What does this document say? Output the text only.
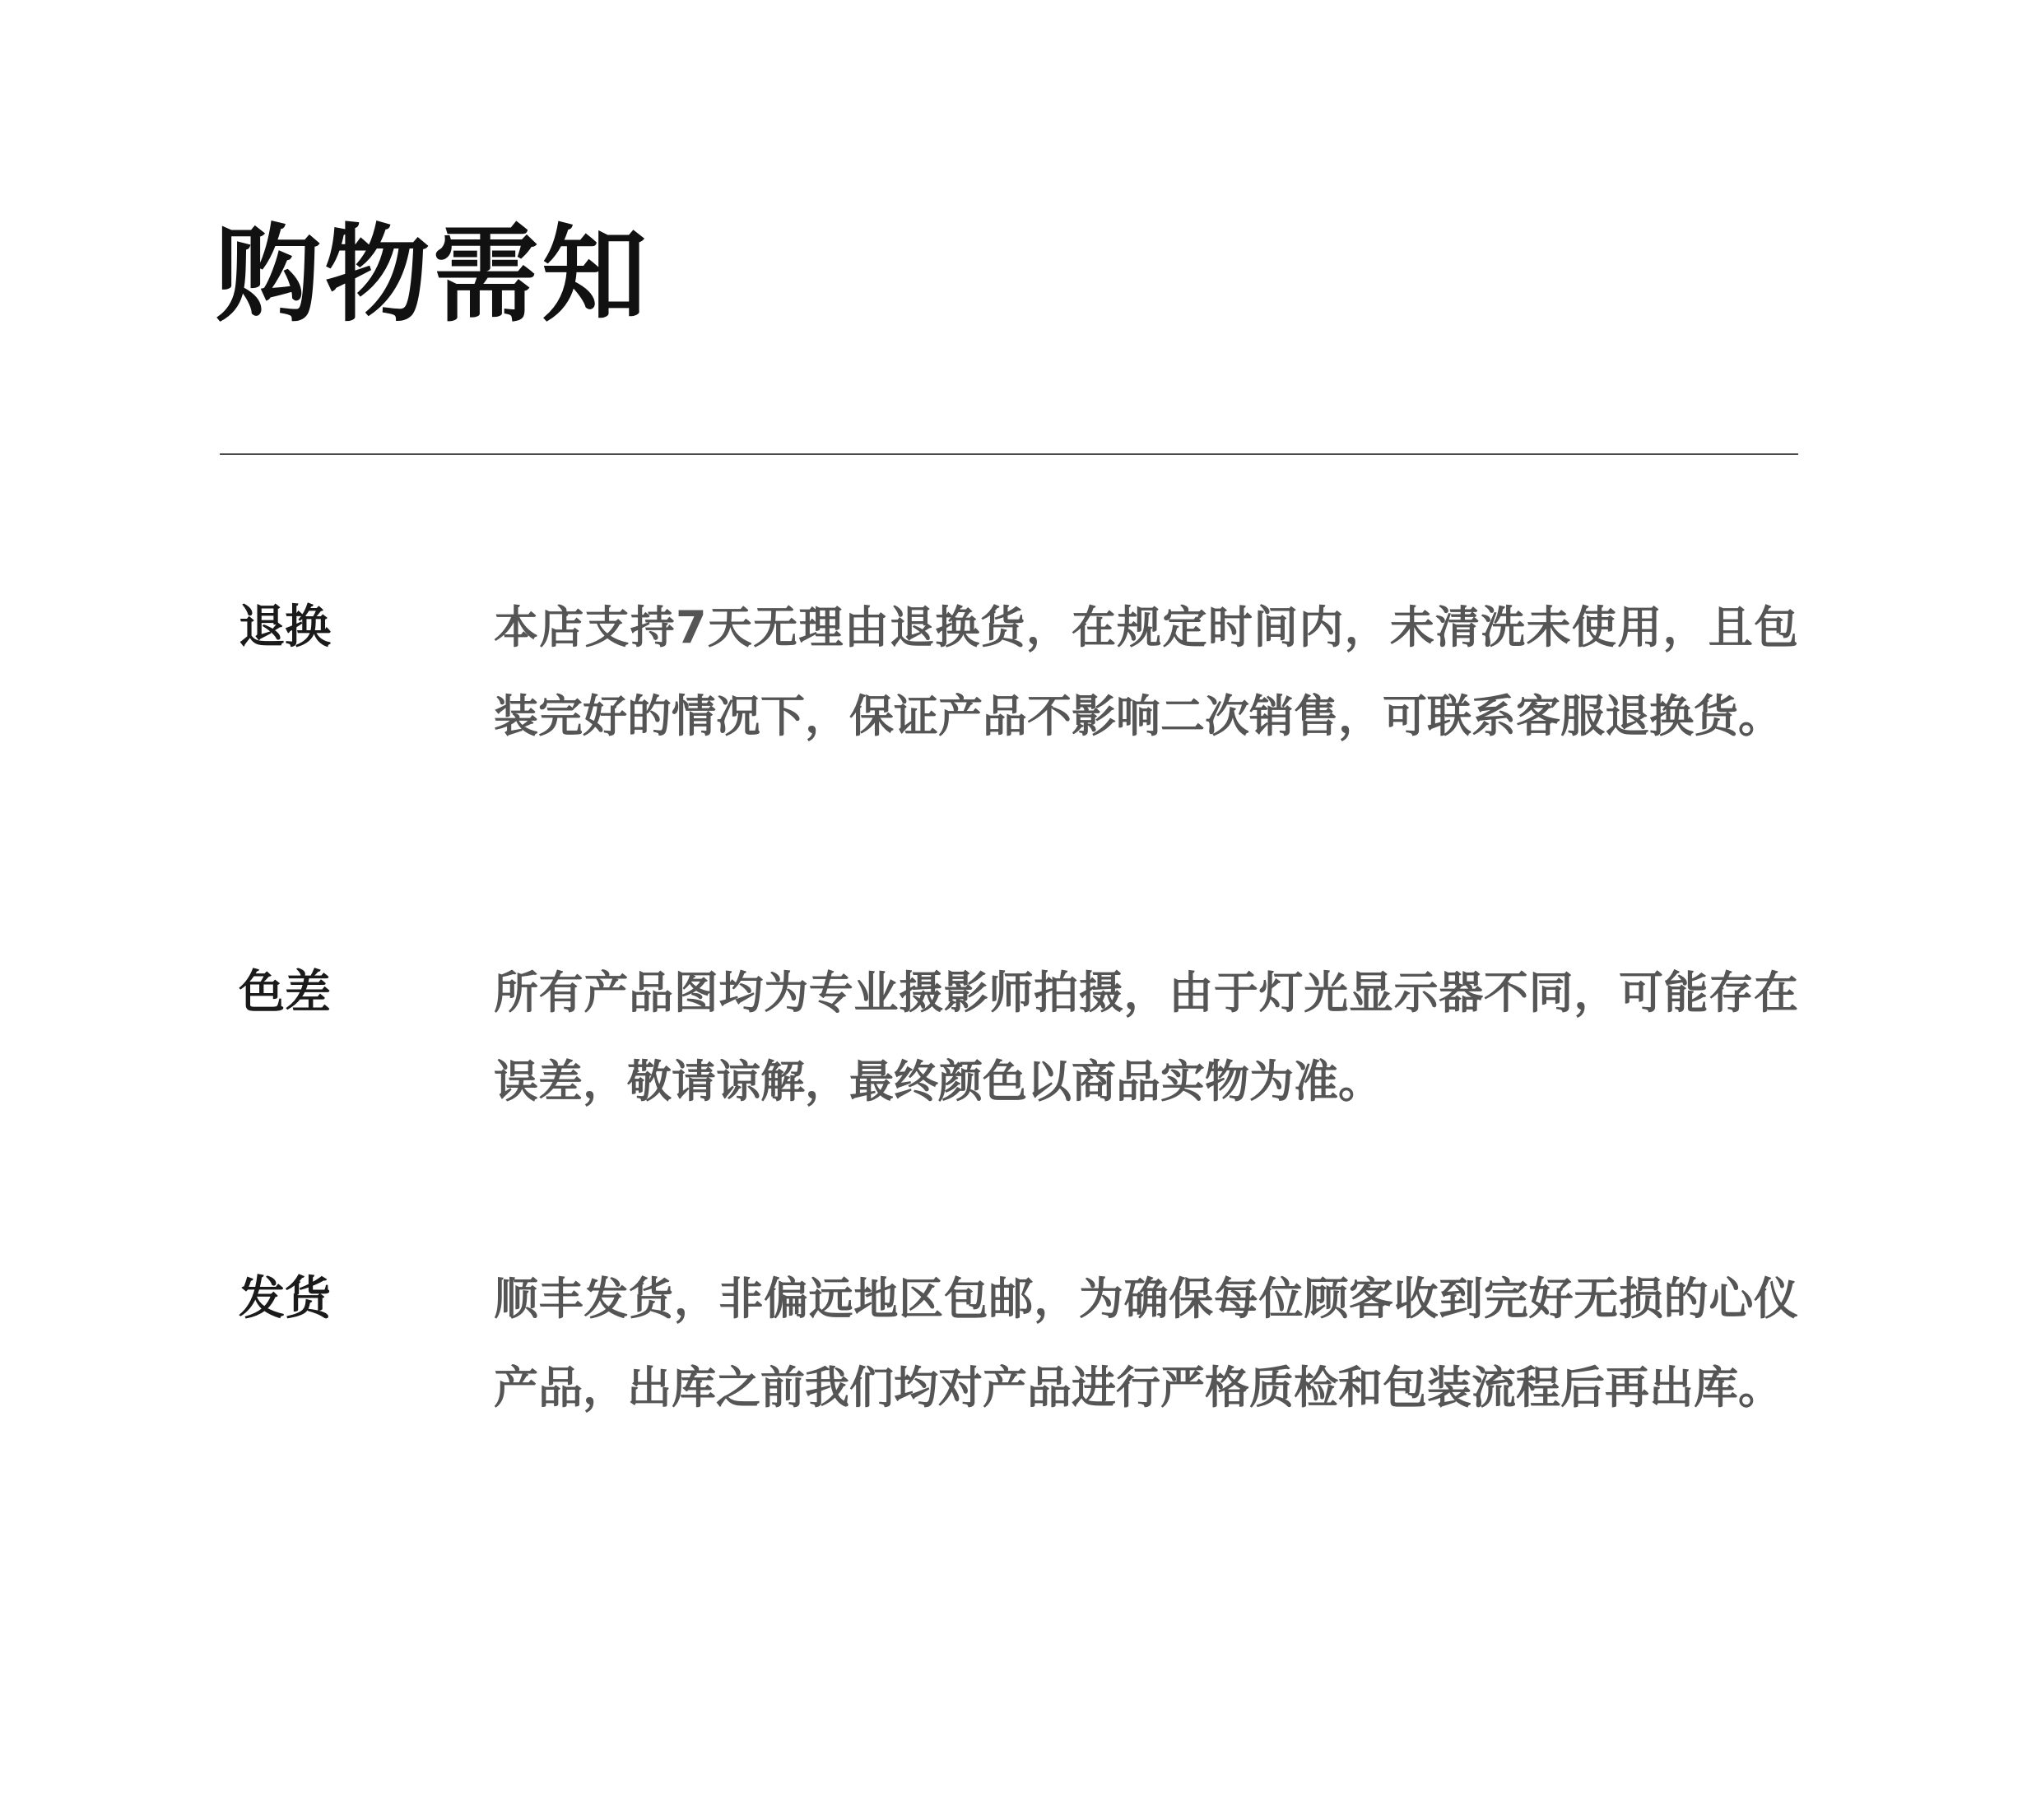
购物需知
退换	本店支持7天无理由退换货，在规定时间内，未清洗未使用，且包装完好的情况下，保证产品不影响二次销售，可联系客服退换货。

色差	所有产品图均为专业摄影师拍摄，由于灯光显示器不同，可能存在误差，敬请谅解，最终颜色以商品实物为准。

发货	顺丰发货，非偏远地区包邮，为确保每位顾客收到完好无损的心仪产品，出库之前我们均对产品进行严格质检和包装流程后再出库。
